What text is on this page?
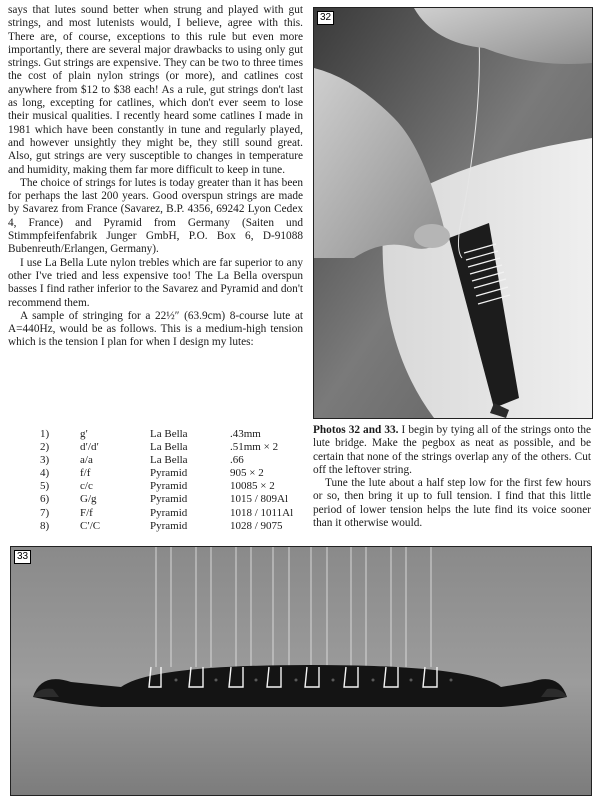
says that lutes sound better when strung and played with gut strings, and most lutenists would, I believe, agree with this. There are, of course, exceptions to this rule but even more importantly, there are several major drawbacks to using only gut strings. Gut strings are expensive. They can be two to three times the cost of plain nylon strings (or more), and catlines cost anywhere from $12 to $38 each! As a rule, gut strings don't last as long, excepting for catlines, which don't ever seem to lose their musical qualities. I recently heard some catlines I made in 1981 which have been constantly in tune and regularly played, and however unsightly they might be, they still sound great. Also, gut strings are very susceptible to changes in temperature and humidity, making them far more difficult to keep in tune.

The choice of strings for lutes is today greater than it has been for perhaps the last 200 years. Good overspun strings are made by Savarez from France (Savarez, B.P. 4356, 69242 Lyon Cedex 4, France) and Pyramid from Germany (Saiten und Stimmpfeifenfabrik Junger GmbH, P.O. Box 6, D-91088 Bubenreuth/Erlangen, Germany).

I use La Bella Lute nylon trebles which are far superior to any other I've tried and less expensive too! The La Bella overspun basses I find rather inferior to the Savarez and Pyramid and don't recommend them.

A sample of stringing for a 22½″ (63.9cm) 8-course lute at A=440Hz, would be as follows. This is a medium-high tension which is the tension I plan for when I design my lutes:

1)	g′	La Bella	.43mm
2)	d′/d′	La Bella	.51mm × 2
3)	a/a	La Bella	.66
4)	f/f	Pyramid	905 × 2
5)	c/c	Pyramid	10085 × 2
6)	G/g	Pyramid	1015 / 809Al
7)	F/f	Pyramid	1018 / 1011Al
8)	C′/C	Pyramid	1028 / 9075
32

Photos 32 and 33. I begin by tying all of the strings onto the lute bridge. Make the pegbox as neat as possible, and be certain that none of the strings overlap any of the others. Cut off the leftover string.

Tune the lute about a half step low for the first few hours or so, then bring it up to full tension. I find that this little period of lower tension helps the lute find its voice sooner than it otherwise would.

33
